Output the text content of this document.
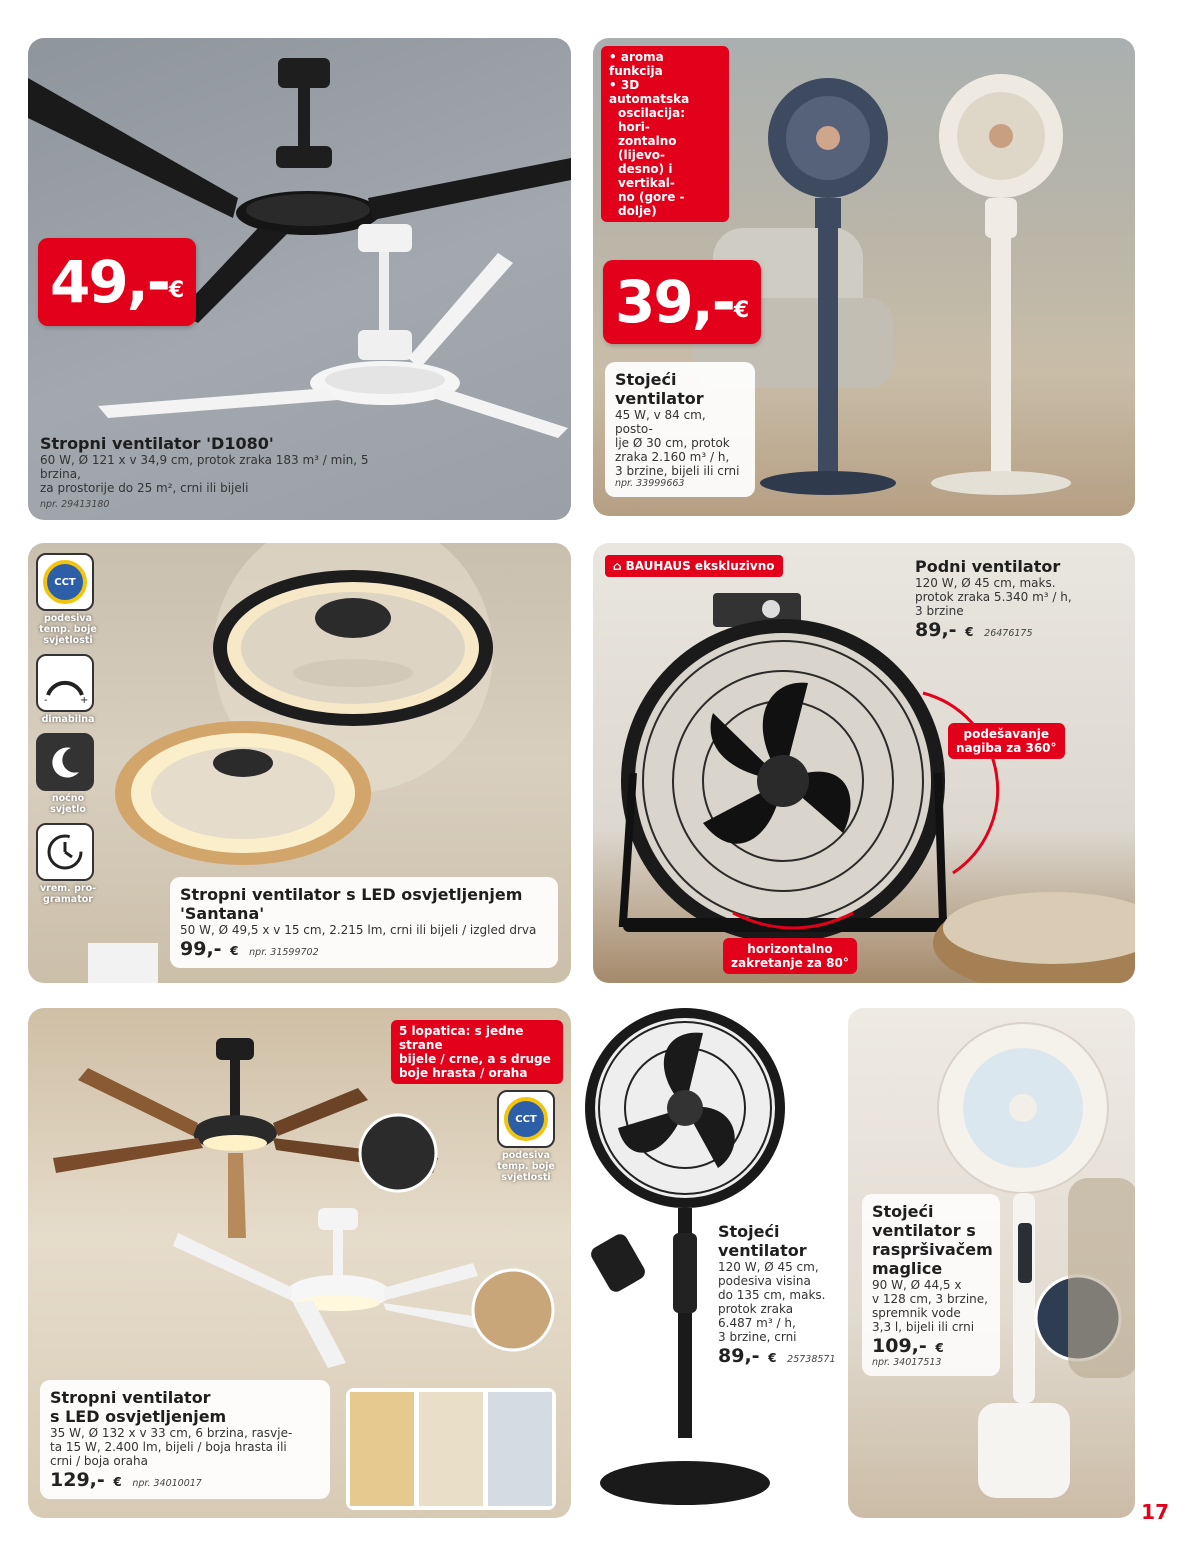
49,- €
Stropni ventilator 'D1080'
60 W, Ø 121 x v 34,9 cm, protok zraka 183 m³ / min, 5 brzina,
za prostorije do 25 m², crni ili bijeli
npr. 29413180
• aroma funkcija
• 3D automatska
oscilacija: hori-
zontalno (lijevo-
desno) i vertikal-
no (gore - dolje)
39,- €
Stojeći
ventilator
45 W, v 84 cm, posto-
lje Ø 30 cm, protok
zraka 2.160 m³ / h,
3 brzine, bijeli ili crni
npr. 33999663
Stropni ventilator s LED osvjetljenjem 'Santana'
50 W, Ø 49,5 x v 15 cm, 2.215 lm, crni ili bijeli / izgled drva
99,- € npr. 31599702
CCT
podesiva
temp. boje
svjetlosti
-	+
dimabilna
noćno
svjetlo
vrem. pro-
gramator
⌂ BAUHAUS ekskluzivno	Podni ventilator
120 W, Ø 45 cm, maks.
protok zraka 5.340 m³ / h,
3 brzine
89,- € 26476175
podešavanje
nagiba za 360°
horizontalno
zakretanje za 80°
5 lopatica: s jedne strane
bijele / crne, a s druge
boje hrasta / oraha
CCT
podesiva
temp. boje
svjetlosti
Stropni ventilator
s LED osvjetljenjem
35 W, Ø 132 x v 33 cm, 6 brzina, rasvje-
ta 15 W, 2.400 lm, bijeli / boja hrasta ili
crni / boja oraha
129,- € npr. 34010017
Stojeći
ventilator
120 W, Ø 45 cm,
podesiva visina
do 135 cm, maks.
protok zraka
6.487 m³ / h,
3 brzine, crni
89,- € 25738571
Stojeći
ventilator s
raspršivačem
maglice
90 W, Ø 44,5 x
v 128 cm, 3 brzine,
spremnik vode
3,3 l, bijeli ili crni
109,- €
npr. 34017513
17
